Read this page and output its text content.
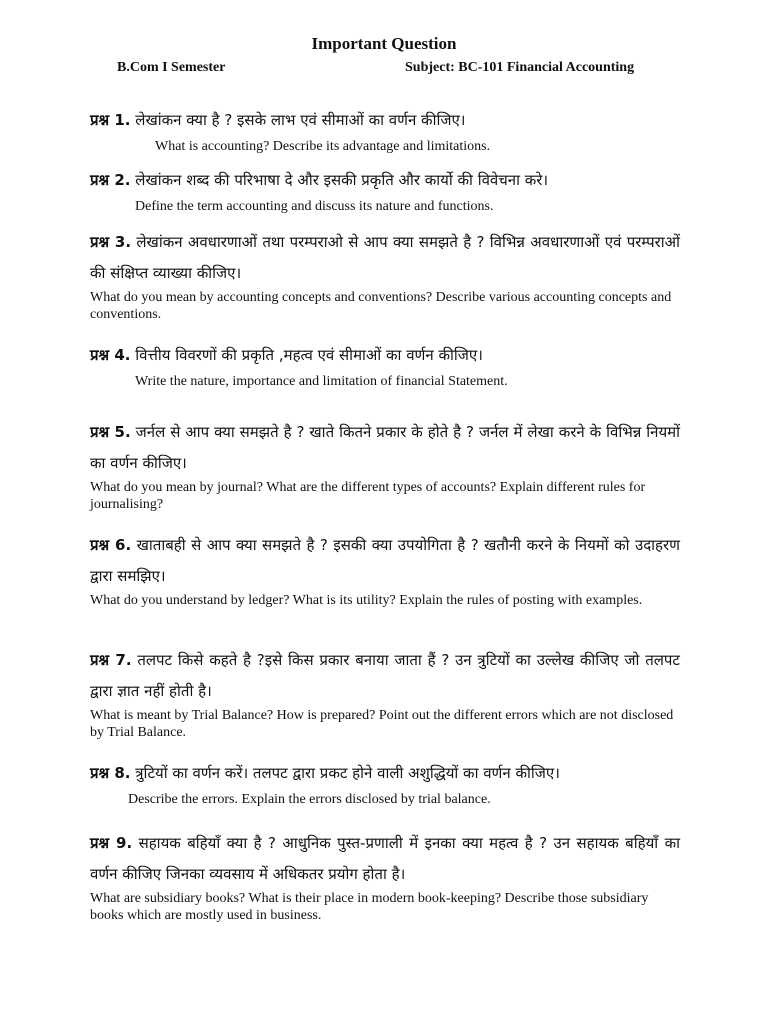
Important Question
B.Com I Semester	Subject: BC-101 Financial Accounting
प्रश्न 1. लेखांकन क्या है ? इसके लाभ एवं सीमाओं का वर्णन कीजिए।
What is accounting? Describe its advantage and limitations.
प्रश्न 2. लेखांकन शब्द की परिभाषा दे और इसकी प्रकृति और कार्यो की विवेचना करे।
Define the term accounting and discuss its nature and functions.
प्रश्न 3. लेखांकन अवधारणाओं तथा परम्पराओ से आप क्या समझते है ? विभिन्न अवधारणाओं एवं परम्पराओं की संक्षिप्त व्याख्या कीजिए।
What do you mean by accounting concepts and conventions? Describe various accounting concepts and conventions.
प्रश्न 4. वित्तीय विवरणों की प्रकृति ,महत्व एवं सीमाओं का वर्णन कीजिए।
Write the nature, importance and limitation of financial Statement.
प्रश्न 5. जर्नल से आप क्या समझते है ? खाते कितने प्रकार के होते है ? जर्नल में लेखा करने के विभिन्न नियमों का वर्णन कीजिए।
What do you mean by journal? What are the different types of accounts? Explain different rules for journalising?
प्रश्न 6. खाताबही से आप क्या समझते है ? इसकी क्या उपयोगिता है ? खतौनी करने के नियमों को उदाहरण द्वारा समझिए।
What do you understand by ledger? What is its utility? Explain the rules of posting with examples.
प्रश्न 7. तलपट किसे कहते है ?इसे किस प्रकार बनाया जाता हैं ? उन त्रुटियों का उल्लेख कीजिए जो तलपट द्वारा ज्ञात नहीं होती है।
What is meant by Trial Balance? How is prepared? Point out the different errors which are not disclosed by Trial Balance.
प्रश्न 8. त्रुटियों का वर्णन करें। तलपट द्वारा प्रकट होने वाली अशुद्धियों का वर्णन कीजिए।
Describe the errors. Explain the errors disclosed by trial balance.
प्रश्न 9. सहायक बहियाँ क्या है ? आधुनिक पुस्त-प्रणाली में इनका क्या महत्व है ? उन सहायक बहियाँ का वर्णन कीजिए जिनका व्यवसाय में अधिकतर प्रयोग होता है।
What are subsidiary books? What is their place in modern book-keeping? Describe those subsidiary books which are mostly used in business.
